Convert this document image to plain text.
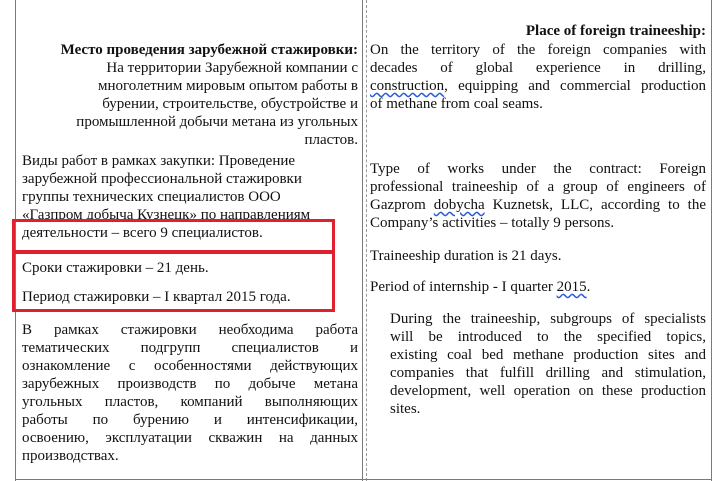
Место проведения зарубежной стажировки:
На территории Зарубежной компании с
многолетним мировым опытом работы в
бурении, строительстве, обустройстве и
промышленной добычи метана из угольных
пластов.
Виды работ в рамках закупки: Проведение
зарубежной профессиональной стажировки
группы технических специалистов ООО
«Газпром добыча Кузнецк» по направлениям
деятельности – всего 9 специалистов.
Сроки стажировки – 21 день.
Период стажировки – I квартал 2015 года.
В рамках стажировки необходима работа
тематических подгрупп специалистов и
ознакомление с особенностями действующих
зарубежных производств по добыче метана
угольных пластов, компаний выполняющих
работы по бурению и интенсификации,
освоению, эксплуатации скважин на данных
производствах.
Place of foreign traineeship:
On the territory of the foreign companies with
decades of global experience in drilling,
construction, equipping and commercial production
of methane from coal seams.
Type of works under the contract: Foreign
professional traineeship of a group of engineers of
Gazprom dobycha Kuznetsk, LLC, according to the
Company’s activities – totally 9 persons.
Traineeship duration is 21 days.
Period of internship - I quarter 2015.
During the traineeship, subgroups of specialists
will be introduced to the specified topics,
existing coal bed methane production sites and
companies that fulfill drilling and stimulation,
development, well operation on these production
sites.
